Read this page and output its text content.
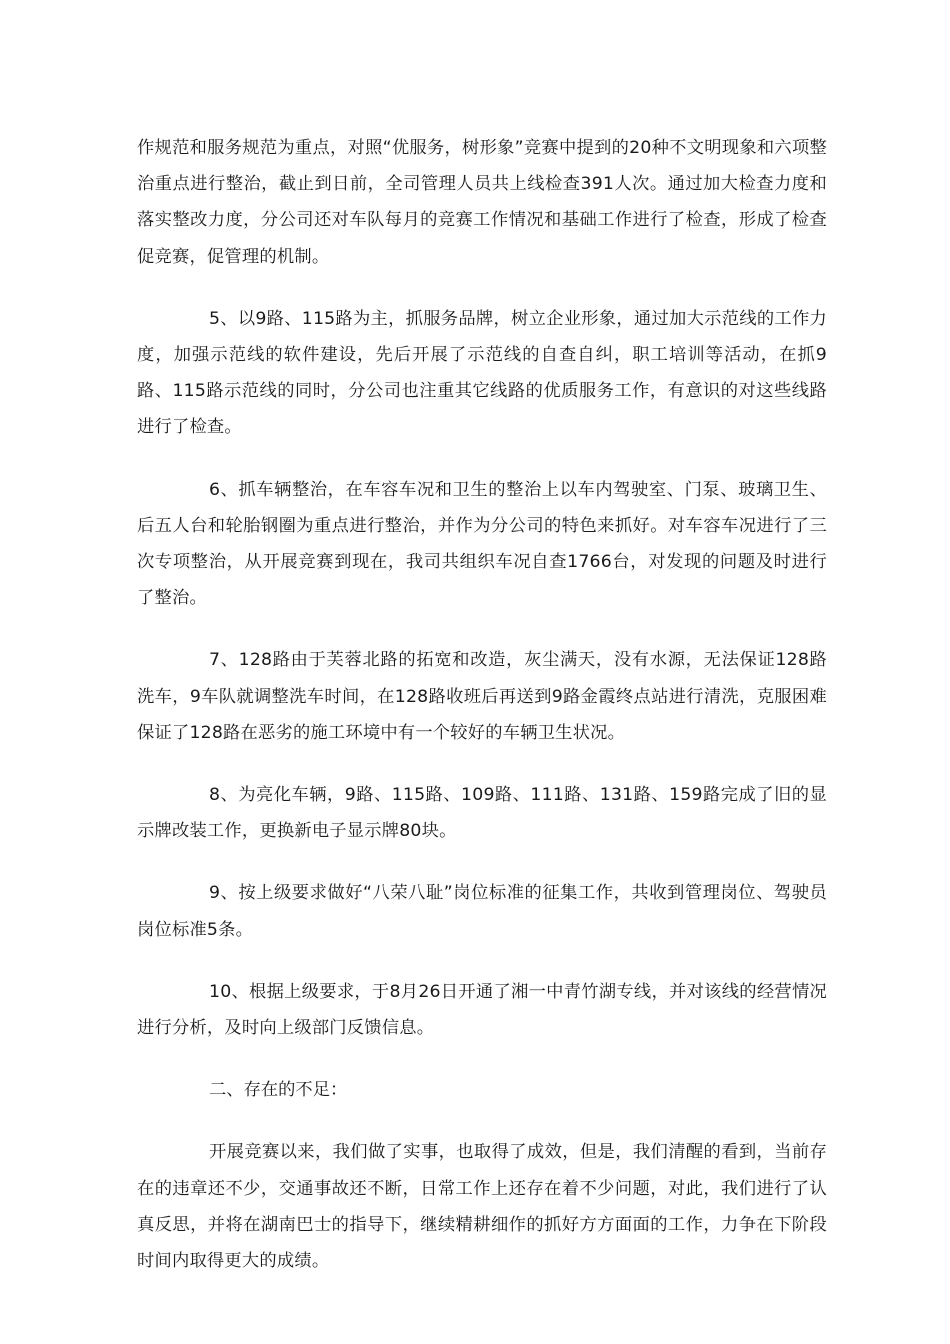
作规范和服务规范为重点，对照“优服务，树形象”竞赛中提到的20种不文明现象和六项整治重点进行整治，截止到日前，全司管理人员共上线检查391人次。通过加大检查力度和落实整改力度，分公司还对车队每月的竞赛工作情况和基础工作进行了检查，形成了检查促竞赛，促管理的机制。

5、以9路、115路为主，抓服务品牌，树立企业形象，通过加大示范线的工作力度，加强示范线的软件建设，先后开展了示范线的自查自纠，职工培训等活动，在抓9路、115路示范线的同时，分公司也注重其它线路的优质服务工作，有意识的对这些线路进行了检查。

6、抓车辆整治，在车容车况和卫生的整治上以车内驾驶室、门泵、玻璃卫生、后五人台和轮胎钢圈为重点进行整治，并作为分公司的特色来抓好。对车容车况进行了三次专项整治，从开展竞赛到现在，我司共组织车况自查1766台，对发现的问题及时进行了整治。

7、128路由于芙蓉北路的拓宽和改造，灰尘满天，没有水源，无法保证128路洗车，9车队就调整洗车时间，在128路收班后再送到9路金霞终点站进行清洗，克服困难保证了128路在恶劣的施工环境中有一个较好的车辆卫生状况。

8、为亮化车辆，9路、115路、109路、111路、131路、159路完成了旧的显示牌改装工作，更换新电子显示牌80块。

9、按上级要求做好“八荣八耻”岗位标准的征集工作，共收到管理岗位、驾驶员岗位标准5条。

10、根据上级要求，于8月26日开通了湘一中青竹湖专线，并对该线的经营情况进行分析，及时向上级部门反馈信息。

二、存在的不足：

开展竞赛以来，我们做了实事，也取得了成效，但是，我们清醒的看到，当前存在的违章还不少，交通事故还不断，日常工作上还存在着不少问题，对此，我们进行了认真反思，并将在湖南巴士的指导下，继续精耕细作的抓好方方面面的工作，力争在下阶段时间内取得更大的成绩。
